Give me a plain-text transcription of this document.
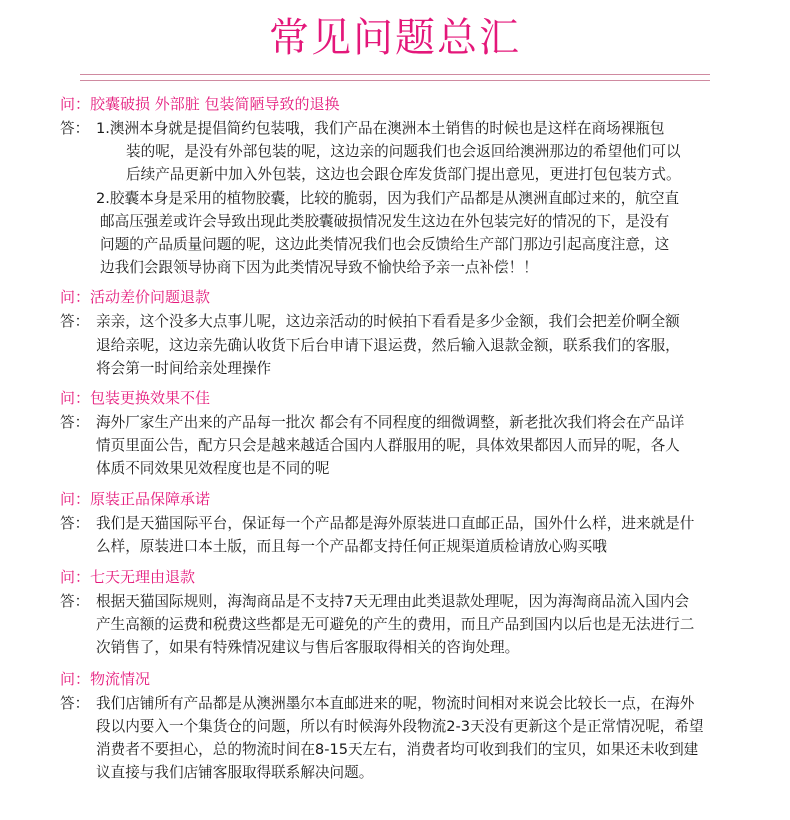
常见问题总汇
问：胶囊破损 外部脏 包装简陋导致的退换
答： 1.澳洲本身就是提倡简约包装哦，我们产品在澳洲本土销售的时候也是这样在商场裸瓶包
装的呢，是没有外部包装的呢，这边亲的问题我们也会返回给澳洲那边的希望他们可以
后续产品更新中加入外包装，这边也会跟仓库发货部门提出意见，更进打包包装方式。
2.胶囊本身是采用的植物胶囊，比较的脆弱，因为我们产品都是从澳洲直邮过来的，航空直
邮高压强差或许会导致出现此类胶囊破损情况发生这边在外包装完好的情况的下，是没有
问题的产品质量问题的呢，这边此类情况我们也会反馈给生产部门那边引起高度注意，这
边我们会跟领导协商下因为此类情况导致不愉快给予亲一点补偿！！
问：活动差价问题退款
答： 亲亲，这个没多大点事儿呢，这边亲活动的时候拍下看看是多少金额，我们会把差价啊全额
退给亲呢，这边亲先确认收货下后台申请下退运费，然后输入退款金额，联系我们的客服，
将会第一时间给亲处理操作
问：包装更换效果不佳
答： 海外厂家生产出来的产品每一批次 都会有不同程度的细微调整，新老批次我们将会在产品详
情页里面公告，配方只会是越来越适合国内人群服用的呢，具体效果都因人而异的呢，各人
体质不同效果见效程度也是不同的呢
问：原装正品保障承诺
答： 我们是天猫国际平台，保证每一个产品都是海外原装进口直邮正品，国外什么样，进来就是什
么样，原装进口本土版，而且每一个产品都支持任何正规渠道质检请放心购买哦
问：七天无理由退款
答： 根据天猫国际规则，海淘商品是不支持7天无理由此类退款处理呢，因为海淘商品流入国内会
产生高额的运费和税费这些都是无可避免的产生的费用，而且产品到国内以后也是无法进行二
次销售了，如果有特殊情况建议与售后客服取得相关的咨询处理。
问：物流情况
答： 我们店铺所有产品都是从澳洲墨尔本直邮进来的呢，物流时间相对来说会比较长一点，在海外
段以内要入一个集货仓的问题，所以有时候海外段物流2-3天没有更新这个是正常情况呢，希望
消费者不要担心，总的物流时间在8-15天左右，消费者均可收到我们的宝贝，如果还未收到建
议直接与我们店铺客服取得联系解决问题。
